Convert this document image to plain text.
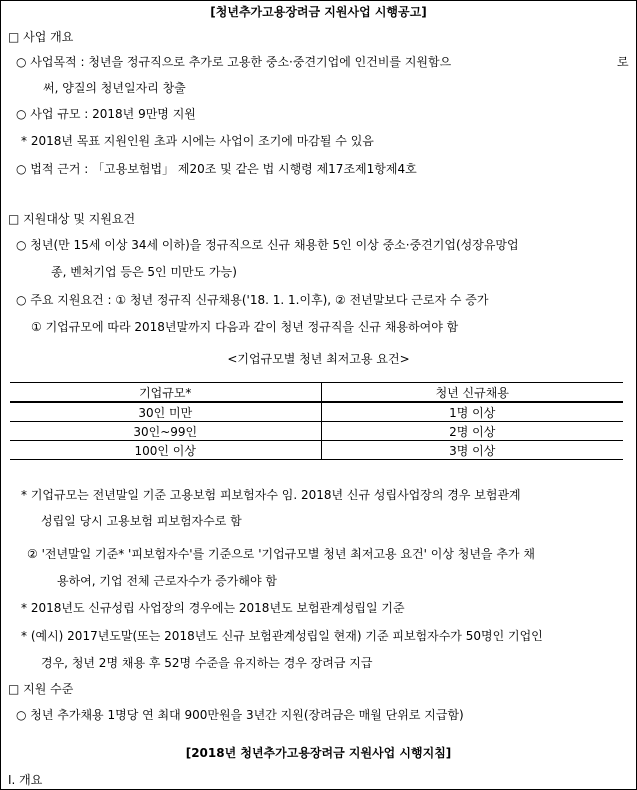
[청년추가고용장려금 지원사업 시행공고]
□ 사업 개요
○ 사업목적 : 청년을 정규직으로 추가로 고용한 중소·중견기업에 인건비를 지원함으	로
써, 양질의 청년일자리 창출
○ 사업 규모 : 2018년 9만명 지원
* 2018년 목표 지원인원 초과 시에는 사업이 조기에 마감될 수 있음
○ 법적 근거 : 「고용보험법」 제20조 및 같은 법 시행령 제17조제1항제4호
□ 지원대상 및 지원요건
○ 청년(만 15세 이상 34세 이하)을 정규직으로 신규 채용한 5인 이상 중소·중견기업(성장유망업
종, 벤처기업 등은 5인 미만도 가능)
○ 주요 지원요건 : ① 청년 정규직 신규채용('18. 1. 1.이후), ② 전년말보다 근로자 수 증가
① 기업규모에 따라 2018년말까지 다음과 같이 청년 정규직을 신규 채용하여야 함
<기업규모별 청년 최저고용 요건>
기업규모*	청년 신규채용
30인 미만	1명 이상
30인~99인	2명 이상
100인 이상	3명 이상
* 기업규모는 전년말일 기준 고용보험 피보험자수 임. 2018년 신규 성립사업장의 경우 보험관계
성립일 당시 고용보험 피보험자수로 함
② '전년말일 기준* '피보험자수'를 기준으로 '기업규모별 청년 최저고용 요건' 이상 청년을 추가 채
용하여, 기업 전체 근로자수가 증가해야 함
* 2018년도 신규성립 사업장의 경우에는 2018년도 보험관계성립일 기준
* (예시) 2017년도말(또는 2018년도 신규 보험관계성립일 현재) 기준 피보험자수가 50명인 기업인
경우, 청년 2명 채용 후 52명 수준을 유지하는 경우 장려금 지급
□ 지원 수준
○ 청년 추가채용 1명당 연 최대 900만원을 3년간 지원(장려금은 매월 단위로 지급함)
[2018년 청년추가고용장려금 지원사업 시행지침]
Ⅰ. 개요
